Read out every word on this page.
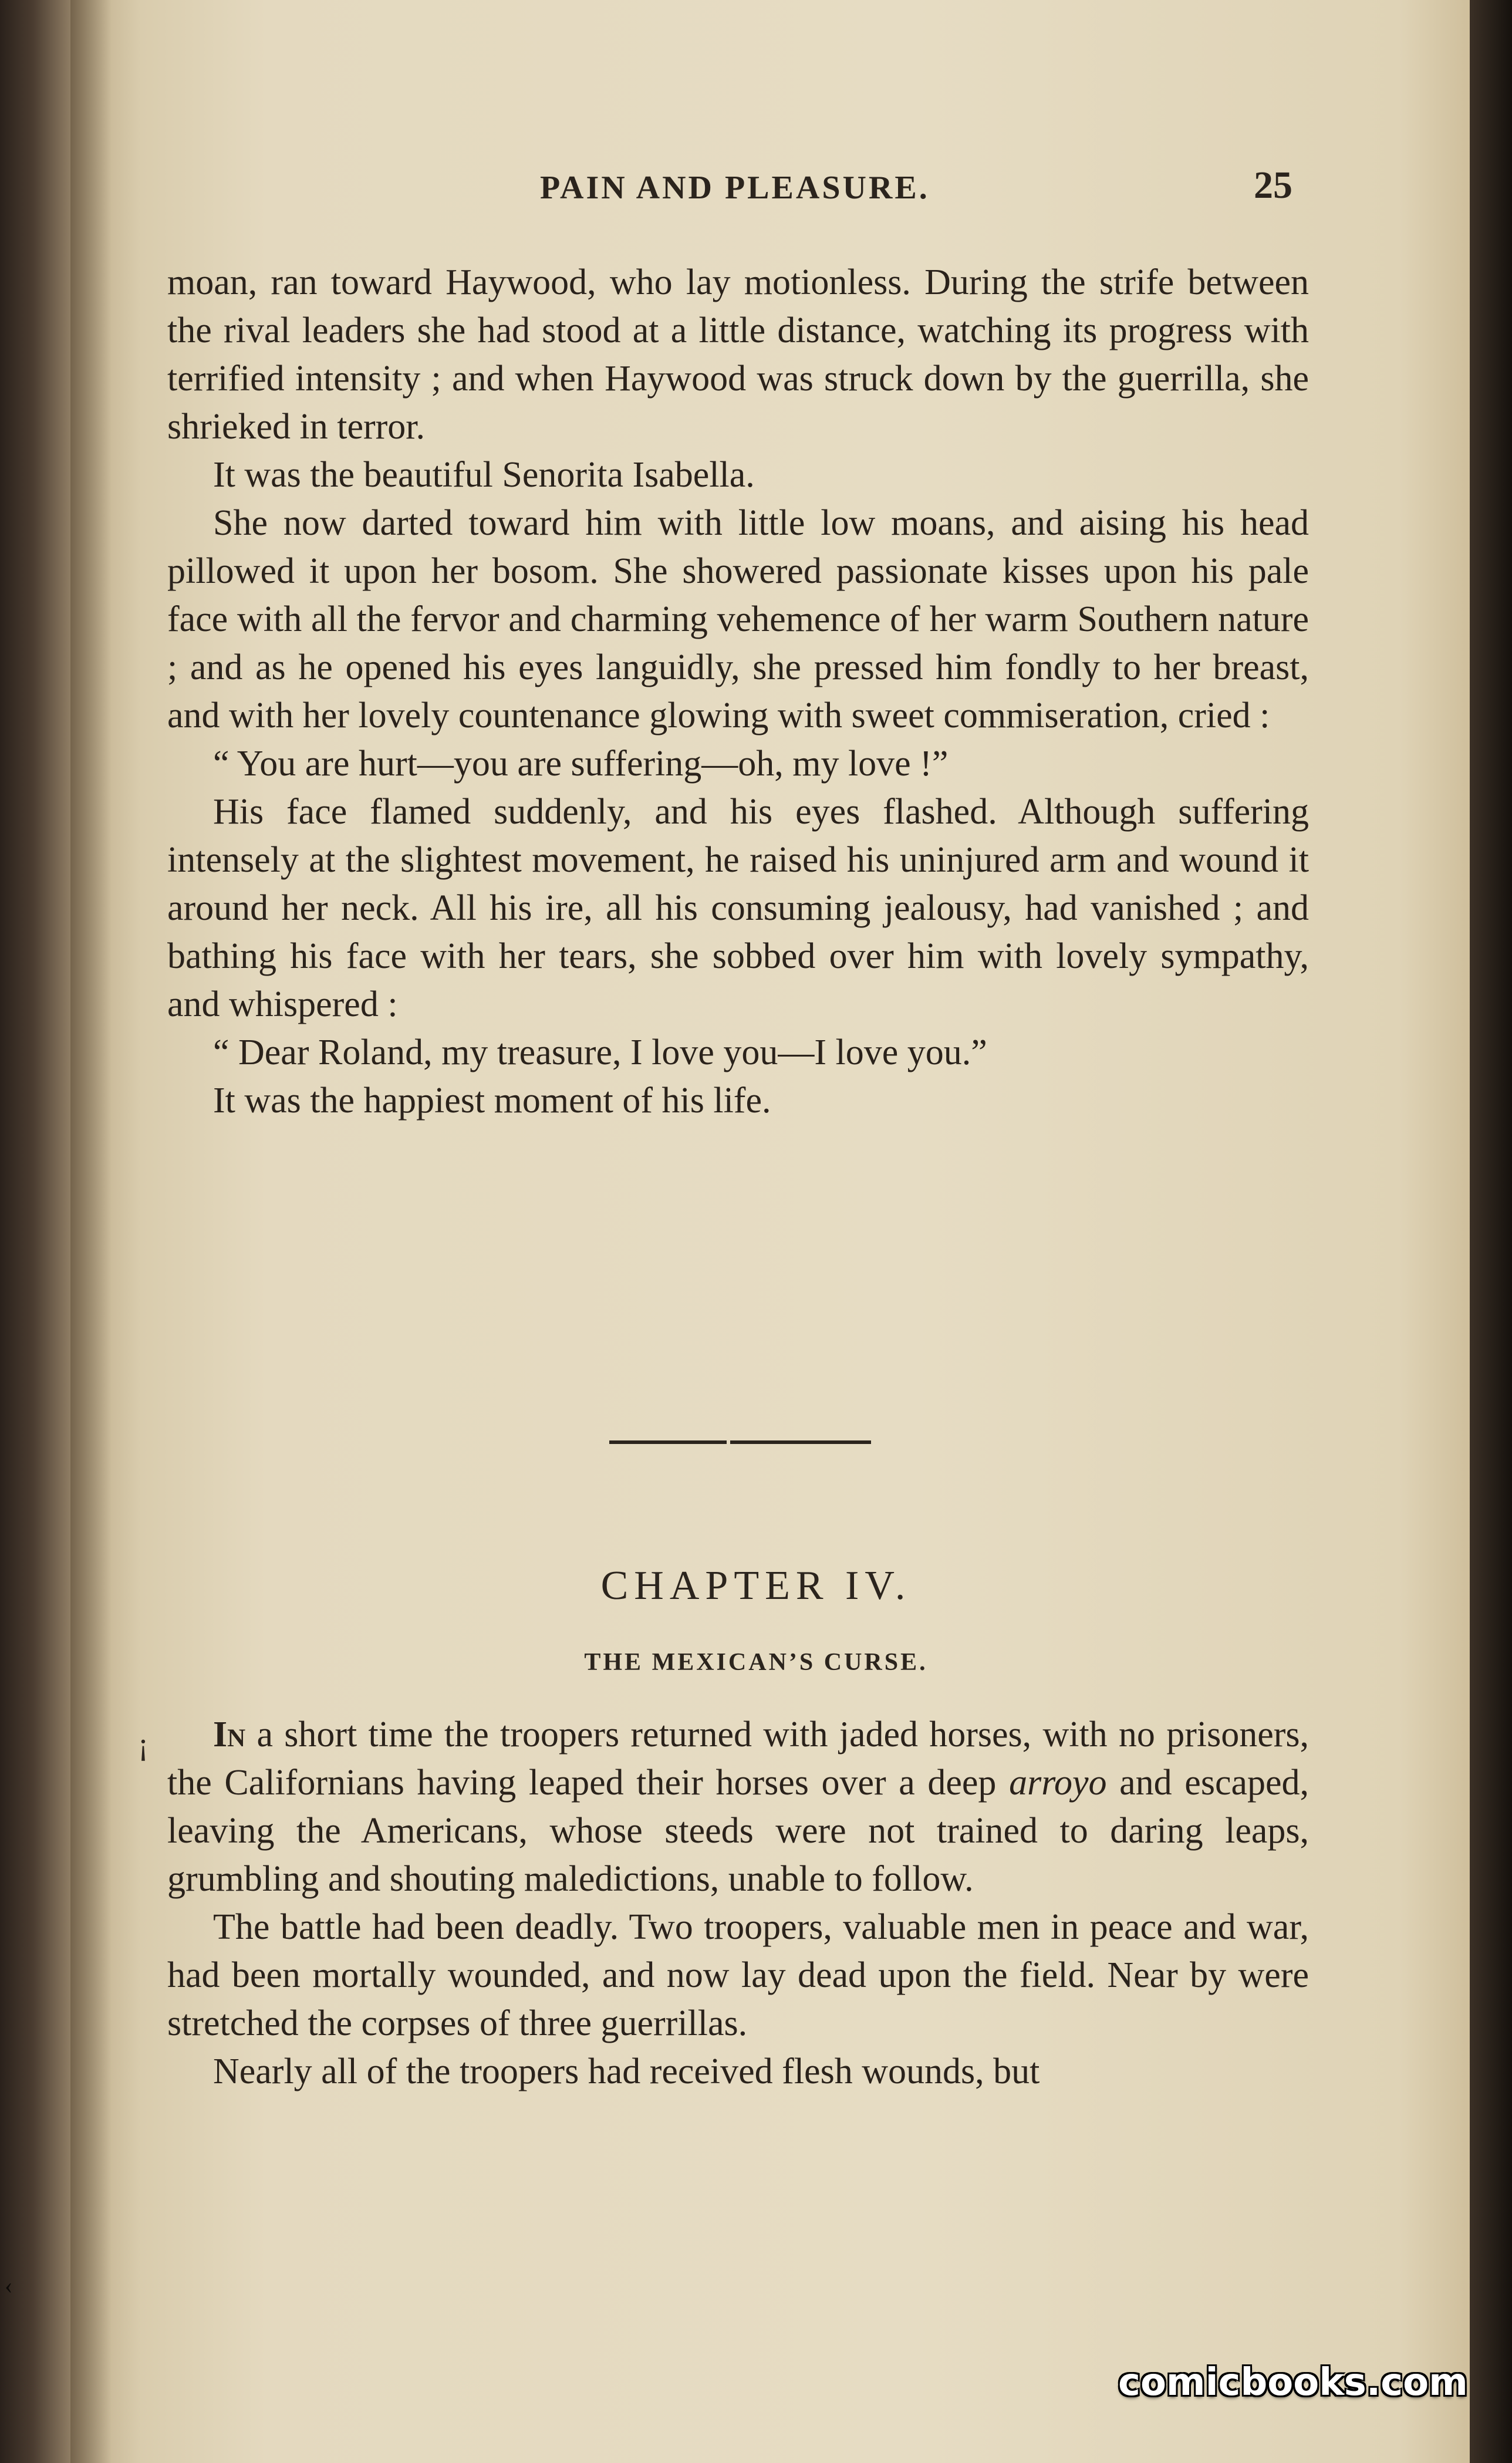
PAIN AND PLEASURE.	25

moan, ran toward Haywood, who lay motionless. During the strife between the rival leaders she had stood at a little distance, watching its progress with terrified intensity ; and when Haywood was struck down by the guerrilla, she shrieked in terror.

It was the beautiful Senorita Isabella.

She now darted toward him with little low moans, and aising his head pillowed it upon her bosom. She showered passionate kisses upon his pale face with all the fervor and charming vehemence of her warm Southern nature ; and as he opened his eyes languidly, she pressed him fondly to her breast, and with her lovely countenance glowing with sweet commiseration, cried :

“ You are hurt—you are suffering—oh, my love !”

His face flamed suddenly, and his eyes flashed. Although suffering intensely at the slightest movement, he raised his uninjured arm and wound it around her neck. All his ire, all his consuming jealousy, had vanished ; and bathing his face with her tears, she sobbed over him with lovely sympathy, and whispered :

“ Dear Roland, my treasure, I love you—I love you.”

It was the happiest moment of his life.

CHAPTER IV.
THE MEXICAN’S CURSE.
¡	In a short time the troopers returned with jaded horses, with no prisoners, the Californians having leaped their horses over a deep arroyo and escaped, leaving the Americans, whose steeds were not trained to daring leaps, grumbling and shouting maledictions, unable to follow.

The battle had been deadly. Two troopers, valuable men in peace and war, had been mortally wounded, and now lay dead upon the field. Near by were stretched the corpses of three guerrillas.

Nearly all of the troopers had received flesh wounds, but

‹
comicbooks.com
